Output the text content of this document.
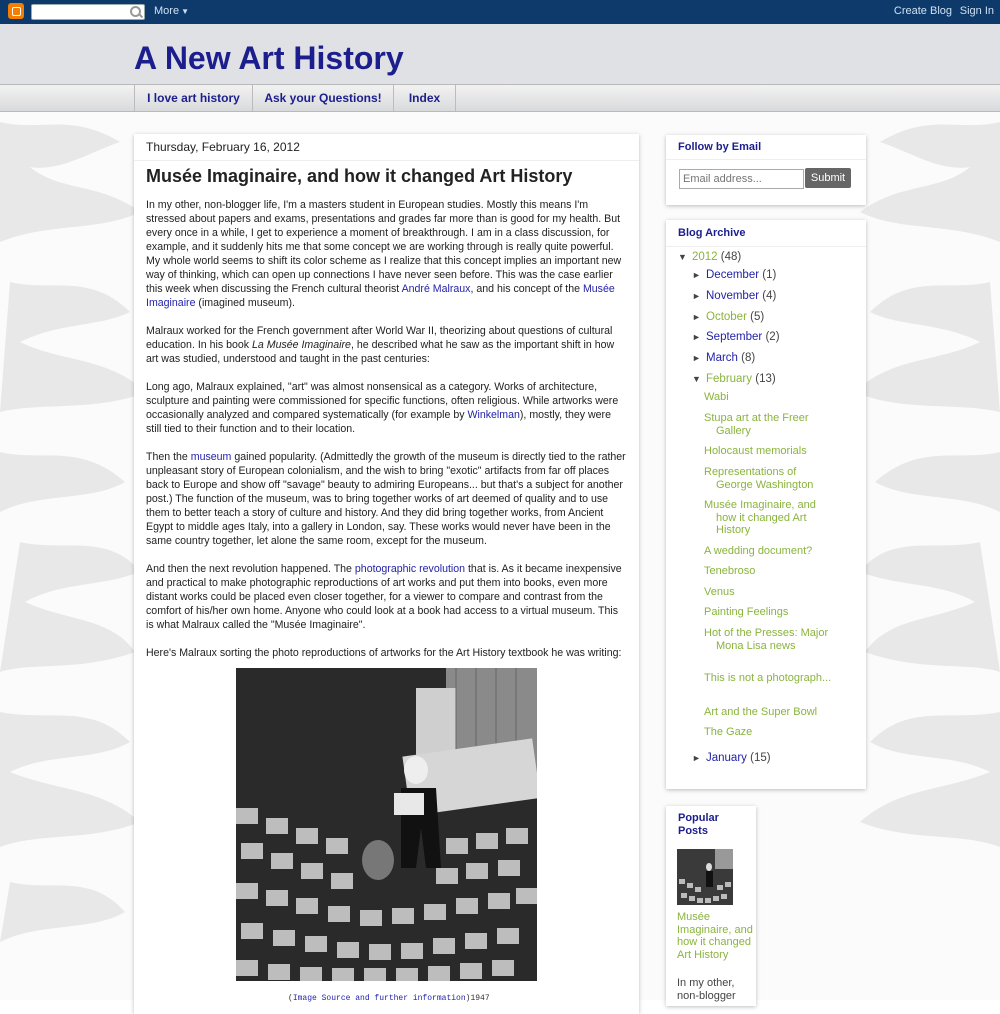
More ▼	Create Blog Sign In
A New Art History
I love art history	Ask your Questions!	Index
Thursday, February 16, 2012
Musée Imaginaire, and how it changed Art History

In my other, non-blogger life, I'm a masters student in European studies. Mostly this means I'm stressed about papers and exams, presentations and grades far more than is good for my health. But every once in a while, I get to experience a moment of breakthrough. I am in a class discussion, for example, and it suddenly hits me that some concept we are working through is really quite powerful. My whole world seems to shift its color scheme as I realize that this concept implies an important new way of thinking, which can open up connections I have never seen before. This was the case earlier this week when discussing the French cultural theorist André Malraux, and his concept of the Musée Imaginaire (imagined museum).

Malraux worked for the French government after World War II, theorizing about questions of cultural education. In his book La Musée Imaginaire, he described what he saw as the important shift in how art was studied, understood and taught in the past centuries:

Long ago, Malraux explained, "art" was almost nonsensical as a category. Works of architecture, sculpture and painting were commissioned for specific functions, often religious. While artworks were occasionally analyzed and compared systematically (for example by Winkelman), mostly, they were still tied to their function and to their location.

Then the museum gained popularity. (Admittedly the growth of the museum is directly tied to the rather unpleasant story of European colonialism, and the wish to bring "exotic" artifacts from far off places back to Europe and show off "savage" beauty to admiring Europeans... but that's a subject for another post.) The function of the museum, was to bring together works of art deemed of quality and to use them to better teach a story of culture and history. And they did bring together works, from Ancient Egypt to middle ages Italy, into a gallery in London, say. These works would never have been in the same country together, let alone the same room, except for the museum.

And then the next revolution happened. The photographic revolution that is. As it became inexpensive and practical to make photographic reproductions of art works and put them into books, even more distant works could be placed even closer together, for a viewer to compare and contrast from the comfort of his/her own home. Anyone who could look at a book had access to a virtual museum. This is what Malraux called the "Musée Imaginaire".

Here's Malraux sorting the photo reproductions of artworks for the Art History textbook he was writing:

(Image Source and further information)1947
Follow by Email
Email address...
Submit
Blog Archive
▼ 2012 (48)
► December (1)
► November (4)
► October (5)
► September (2)
► March (8)
▼ February (13)
Wabi
Stupa art at the Freer Gallery
Holocaust memorials
Representations of George Washington
Musée Imaginaire, and how it changed Art History
A wedding document?
Tenebroso
Venus
Painting Feelings
Hot of the Presses: Major Mona Lisa news
This is not a photograph...
Art and the Super Bowl
The Gaze
► January (15)
Popular Posts
Musée Imaginaire, and how it changed Art History
In my other, non-blogger
